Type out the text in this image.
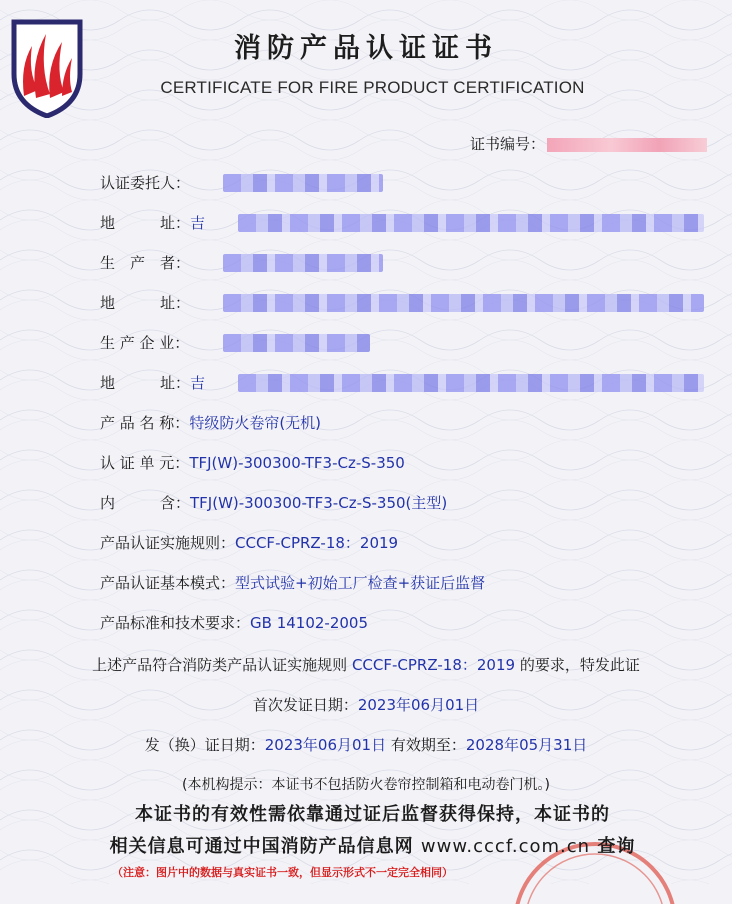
消防产品认证证书
CERTIFICATE FOR FIRE PRODUCT CERTIFICATION
证书编号：
认证委托人：
地　　　址：吉
生　产　者：
地　　　址：
生 产 企 业：
地　　　址：吉
产 品 名 称：特级防火卷帘(无机)
认 证 单 元：TFJ(W)-300300-TF3-Cz-S-350
内　　　含：TFJ(W)-300300-TF3-Cz-S-350(主型)
产品认证实施规则：CCCF-CPRZ-18：2019
产品认证基本模式：型式试验+初始工厂检查+获证后监督
产品标准和技术要求：GB 14102-2005
上述产品符合消防类产品认证实施规则 CCCF-CPRZ-18：2019 的要求，特发此证
首次发证日期：2023年06月01日
发（换）证日期：2023年06月01日 有效期至：2028年05月31日
(本机构提示：本证书不包括防火卷帘控制箱和电动卷门机。)
本证书的有效性需依靠通过证后监督获得保持，本证书的
相关信息可通过中国消防产品信息网 www.cccf.com.cn 查询
（注意：图片中的数据与真实证书一致，但显示形式不一定完全相同）
